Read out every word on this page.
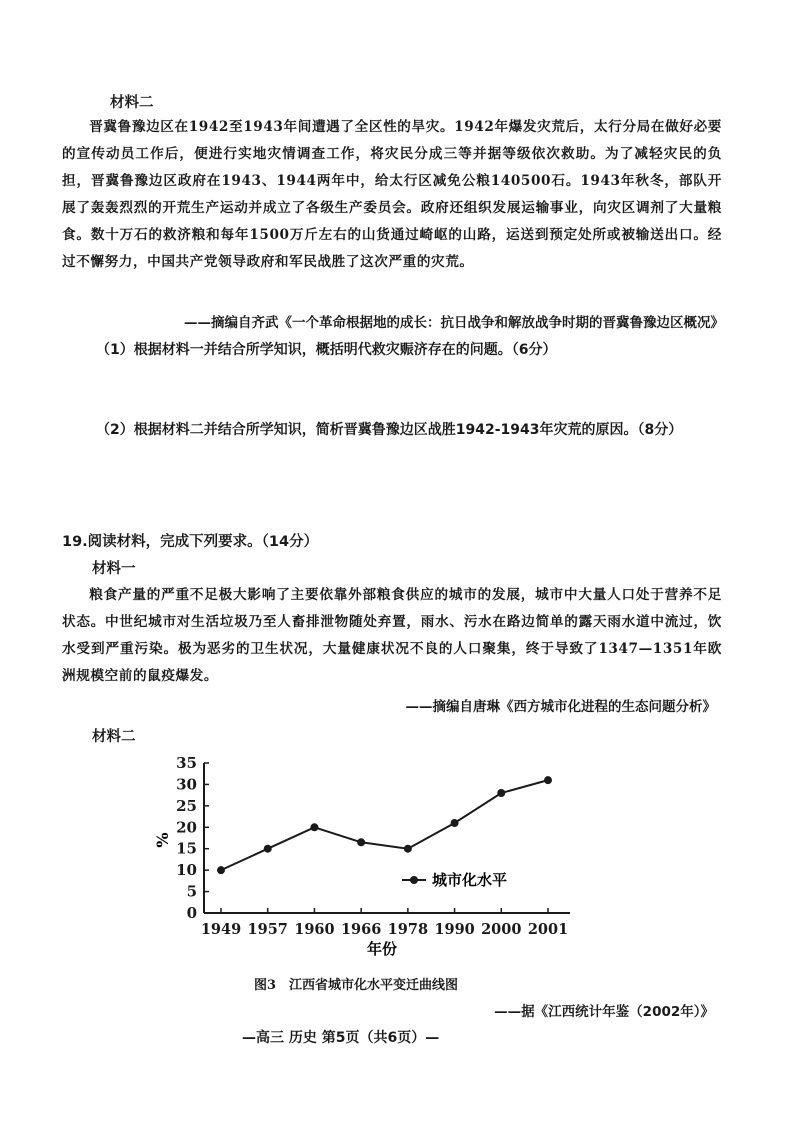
材料二

晋冀鲁豫边区在1942至1943年间遭遇了全区性的旱灾。1942年爆发灾荒后，太行分局在做好必要的宣传动员工作后，便进行实地灾情调查工作，将灾民分成三等并据等级依次救助。为了减轻灾民的负担，晋冀鲁豫边区政府在1943、1944两年中，给太行区减免公粮140500石。1943年秋冬，部队开展了轰轰烈烈的开荒生产运动并成立了各级生产委员会。政府还组织发展运输事业，向灾区调剂了大量粮食。数十万石的救济粮和每年1500万斤左右的山货通过崎岖的山路，运送到预定处所或被输送出口。经过不懈努力，中国共产党领导政府和军民战胜了这次严重的灾荒。

——摘编自齐武《一个革命根据地的成长：抗日战争和解放战争时期的晋冀鲁豫边区概况》
（1）根据材料一并结合所学知识，概括明代救灾赈济存在的问题。（6分）
（2）根据材料二并结合所学知识，简析晋冀鲁豫边区战胜1942-1943年灾荒的原因。（8分）
19.阅读材料，完成下列要求。（14分）
材料一

粮食产量的严重不足极大影响了主要依靠外部粮食供应的城市的发展，城市中大量人口处于营养不足状态。中世纪城市对生活垃圾乃至人畜排泄物随处弃置，雨水、污水在路边简单的露天雨水道中流过，饮水受到严重污染。极为恶劣的卫生状况，大量健康状况不良的人口聚集，终于导致了1347—1351年欧洲规模空前的鼠疫爆发。

——摘编自唐琳《西方城市化进程的生态问题分析》
材料二
0
5
10
15
20
25
30
35
1949 1957 1960 1966 1978 1990 2000 2001
%
年份
城市化水平
图3　江西省城市化水平变迁曲线图
——据《江西统计年鉴（2002年）》
—高三 历史 第5页（共6页）—
